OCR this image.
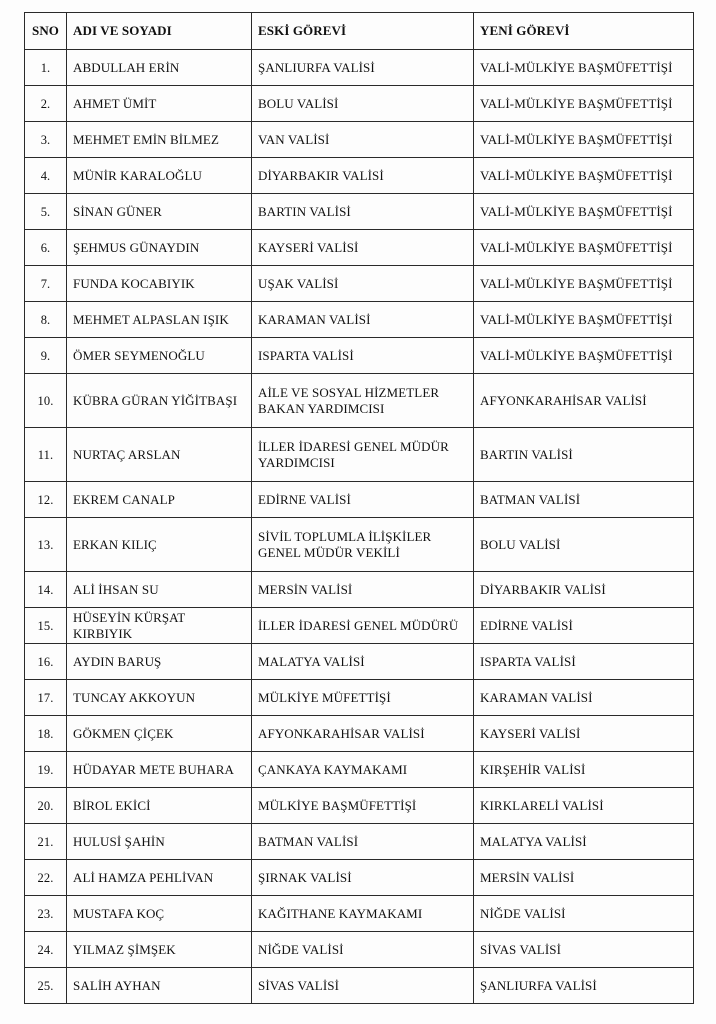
SNO	ADI VE SOYADI	ESKİ GÖREVİ	YENİ GÖREVİ
1.	ABDULLAH ERİN	ŞANLIURFA VALİSİ	VALİ-MÜLKİYE BAŞMÜFETTİŞİ
2.	AHMET ÜMİT	BOLU VALİSİ	VALİ-MÜLKİYE BAŞMÜFETTİŞİ
3.	MEHMET EMİN BİLMEZ	VAN VALİSİ	VALİ-MÜLKİYE BAŞMÜFETTİŞİ
4.	MÜNİR KARALOĞLU	DİYARBAKIR VALİSİ	VALİ-MÜLKİYE BAŞMÜFETTİŞİ
5.	SİNAN GÜNER	BARTIN VALİSİ	VALİ-MÜLKİYE BAŞMÜFETTİŞİ
6.	ŞEHMUS GÜNAYDIN	KAYSERİ VALİSİ	VALİ-MÜLKİYE BAŞMÜFETTİŞİ
7.	FUNDA KOCABIYIK	UŞAK VALİSİ	VALİ-MÜLKİYE BAŞMÜFETTİŞİ
8.	MEHMET ALPASLAN IŞIK	KARAMAN VALİSİ	VALİ-MÜLKİYE BAŞMÜFETTİŞİ
9.	ÖMER SEYMENOĞLU	ISPARTA VALİSİ	VALİ-MÜLKİYE BAŞMÜFETTİŞİ
10.	KÜBRA GÜRAN YİĞİTBAŞI	AİLE VE SOSYAL HİZMETLER BAKAN YARDIMCISI	AFYONKARAHİSAR VALİSİ
11.	NURTAÇ ARSLAN	İLLER İDARESİ GENEL MÜDÜR YARDIMCISI	BARTIN VALİSİ
12.	EKREM CANALP	EDİRNE VALİSİ	BATMAN VALİSİ
13.	ERKAN KILIÇ	SİVİL TOPLUMLA İLİŞKİLER GENEL MÜDÜR VEKİLİ	BOLU VALİSİ
14.	ALİ İHSAN SU	MERSİN VALİSİ	DİYARBAKIR VALİSİ
15.	HÜSEYİN KÜRŞAT KIRBIYIK	İLLER İDARESİ GENEL MÜDÜRÜ	EDİRNE VALİSİ
16.	AYDIN BARUŞ	MALATYA VALİSİ	ISPARTA VALİSİ
17.	TUNCAY AKKOYUN	MÜLKİYE MÜFETTİŞİ	KARAMAN VALİSİ
18.	GÖKMEN ÇİÇEK	AFYONKARAHİSAR VALİSİ	KAYSERİ VALİSİ
19.	HÜDAYAR METE BUHARA	ÇANKAYA KAYMAKAMI	KIRŞEHİR VALİSİ
20.	BİROL EKİCİ	MÜLKİYE BAŞMÜFETTİŞİ	KIRKLARELİ VALİSİ
21.	HULUSİ ŞAHİN	BATMAN VALİSİ	MALATYA VALİSİ
22.	ALİ HAMZA PEHLİVAN	ŞIRNAK VALİSİ	MERSİN VALİSİ
23.	MUSTAFA KOÇ	KAĞITHANE KAYMAKAMI	NİĞDE VALİSİ
24.	YILMAZ ŞİMŞEK	NİĞDE VALİSİ	SİVAS VALİSİ
25.	SALİH AYHAN	SİVAS VALİSİ	ŞANLIURFA VALİSİ
